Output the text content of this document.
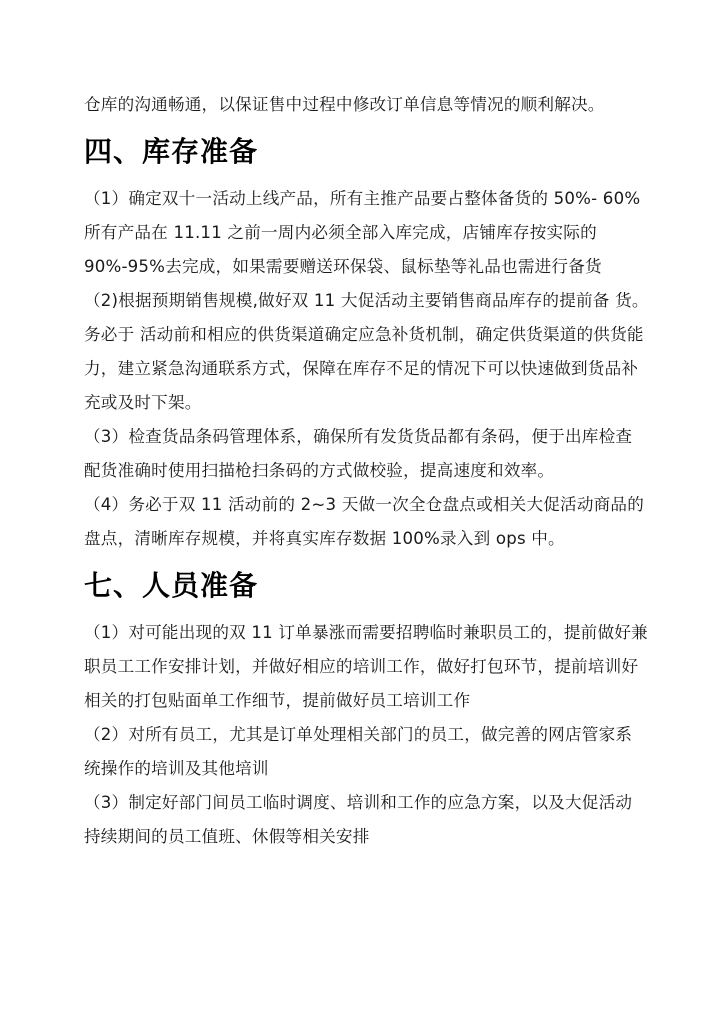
仓库的沟通畅通，以保证售中过程中修改订单信息等情况的顺利解决。

四、库存准备

（1）确定双十一活动上线产品，所有主推产品要占整体备货的 50%- 60%

所有产品在 11.11 之前一周内必须全部入库完成，店铺库存按实际的

90%-95%去完成，如果需要赠送环保袋、鼠标垫等礼品也需进行备货

（2)根据预期销售规模,做好双 11 大促活动主要销售商品库存的提前备 货。

务必于 活动前和相应的供货渠道确定应急补货机制，确定供货渠道的供货能

力，建立紧急沟通联系方式，保障在库存不足的情况下可以快速做到货品补

充或及时下架。

（3）检查货品条码管理体系，确保所有发货货品都有条码，便于出库检查

配货准确时使用扫描枪扫条码的方式做校验，提高速度和效率。

（4）务必于双 11 活动前的 2~3 天做一次全仓盘点或相关大促活动商品的

盘点，清晰库存规模，并将真实库存数据 100%录入到 ops 中。

七、人员准备

（1）对可能出现的双 11 订单暴涨而需要招聘临时兼职员工的，提前做好兼

职员工工作安排计划，并做好相应的培训工作，做好打包环节，提前培训好

相关的打包贴面单工作细节，提前做好员工培训工作

（2）对所有员工，尤其是订单处理相关部门的员工，做完善的网店管家系

统操作的培训及其他培训

（3）制定好部门间员工临时调度、培训和工作的应急方案，以及大促活动

持续期间的员工值班、休假等相关安排
